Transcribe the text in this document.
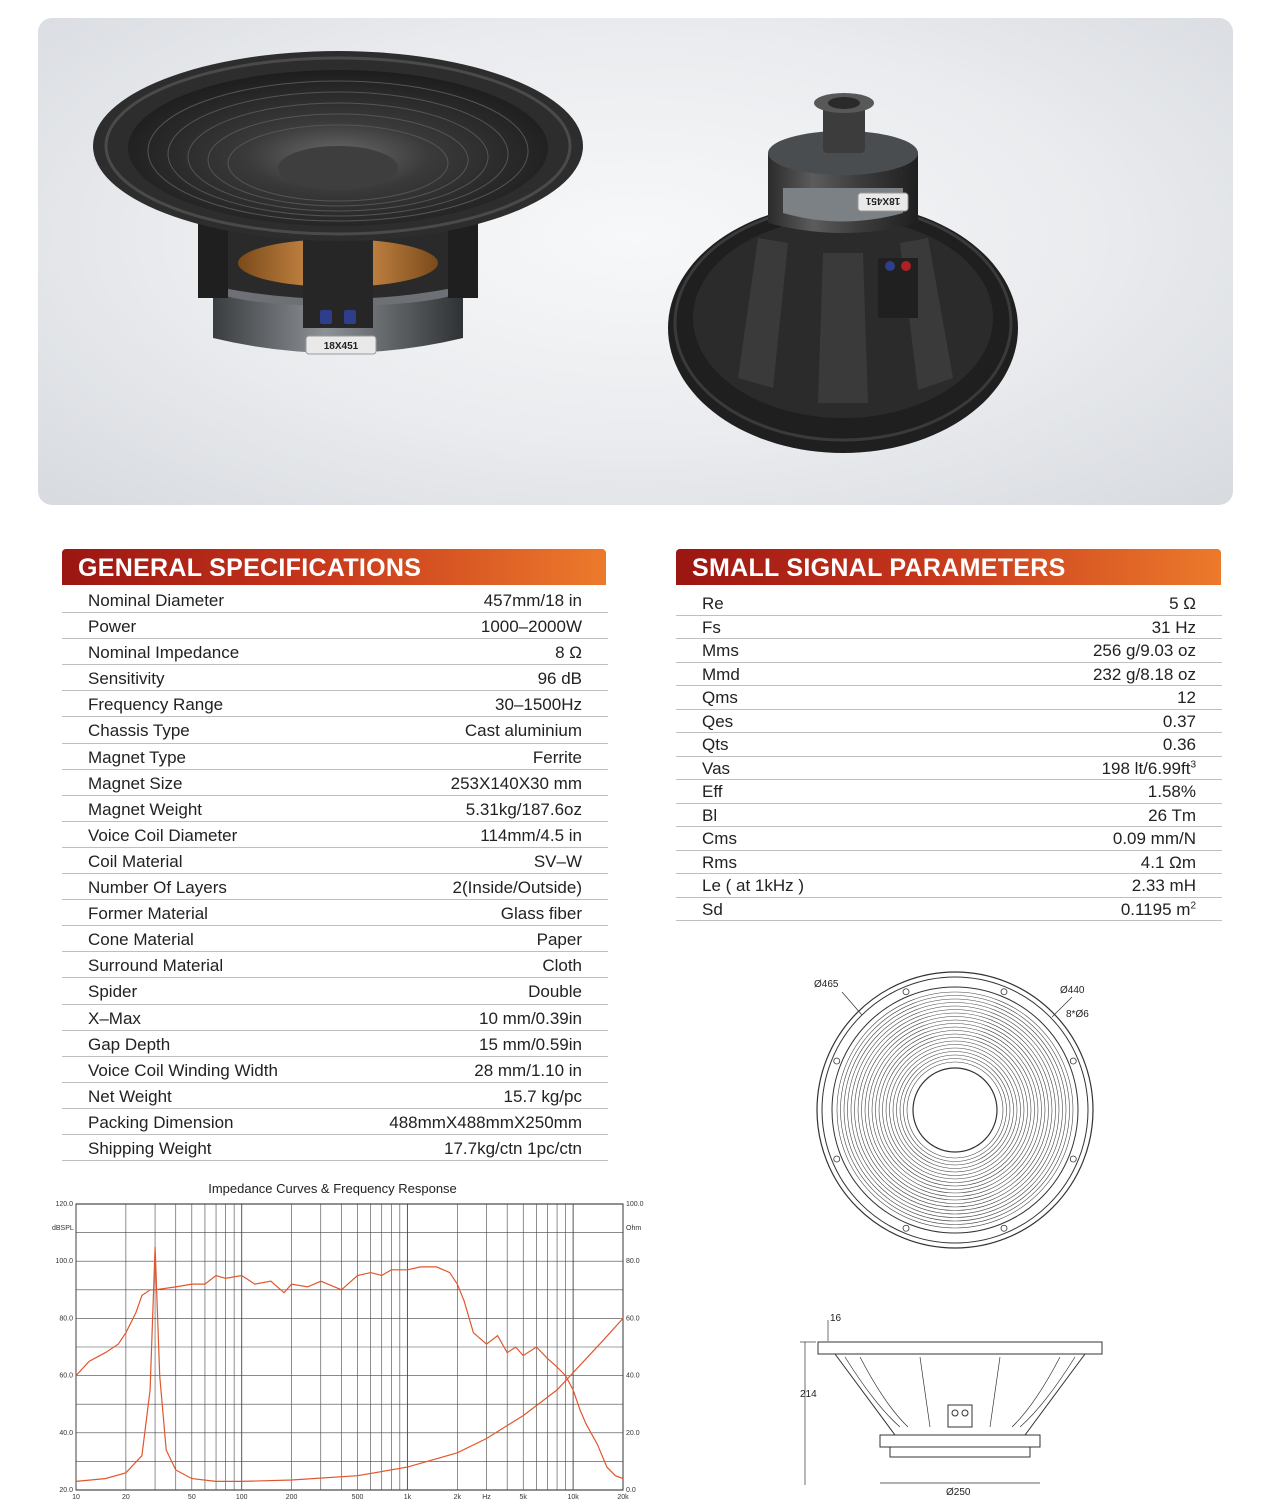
18X451
18X451
GENERAL SPECIFICATIONS
Nominal Diameter	457mm/18 in
Power	1000–2000W
Nominal Impedance	8 Ω
Sensitivity	96 dB
Frequency Range	30–1500Hz
Chassis Type	Cast aluminium
Magnet Type	Ferrite
Magnet Size	253X140X30 mm
Magnet Weight	5.31kg/187.6oz
Voice Coil Diameter	114mm/4.5 in
Coil Material	SV–W
Number Of Layers	2(Inside/Outside)
Former Material	Glass fiber
Cone Material	Paper
Surround Material	Cloth
Spider	Double
X–Max	10 mm/0.39in
Gap Depth	15 mm/0.59in
Voice Coil Winding Width	28 mm/1.10 in
Net Weight	15.7 kg/pc
Packing Dimension	488mmX488mmX250mm
Shipping Weight	17.7kg/ctn 1pc/ctn
SMALL SIGNAL PARAMETERS
Re	5 Ω
Fs	31 Hz
Mms	256 g/9.03 oz
Mmd	232 g/8.18 oz
Qms	12
Qes	0.37
Qts	0.36
Vas	198 $lt/6.99ft^3$
Eff	1.58%
Bl	26 Tm
Cms	0.09 mm/N
Rms	4.1 Ωm
Le ( at 1kHz )	2.33 mH
Sd	0.1195 $m^2$
Impedance Curves & Frequency Response
10	20	50	100	200	500	1k	2k	Hz	5k	10k	20k
20.0
40.0
60.0
80.0
100.0
120.0
0.0
20.0
40.0
60.0
80.0
100.0
dBSPL	Ohm
Ø465
Ø440
8*Ø6
16
214
Ø250
